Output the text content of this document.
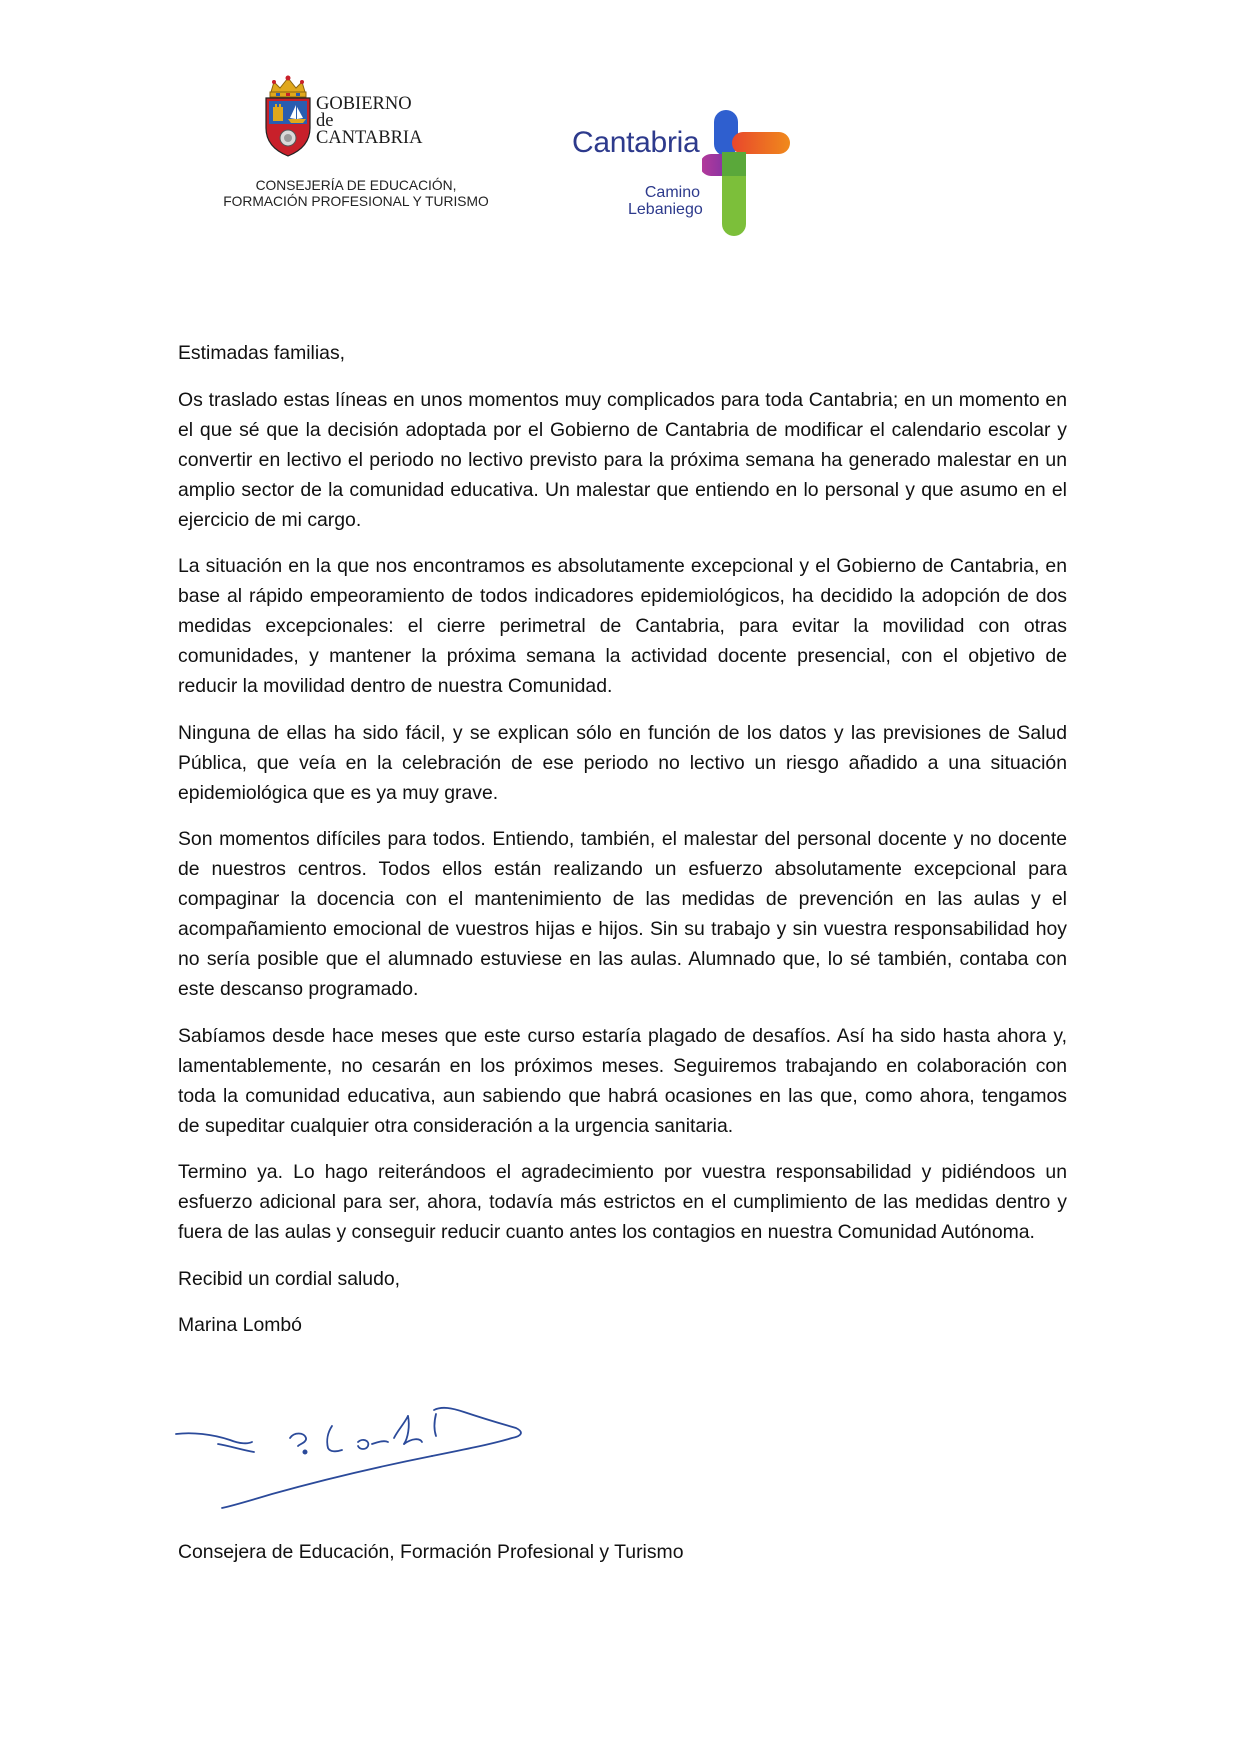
GOBIERNO
de
CANTABRIA
CONSEJERÍA DE EDUCACIÓN,
FORMACIÓN PROFESIONAL Y TURISMO
Cantabria
Camino
Lebaniego

Estimadas familias,

Os traslado estas líneas en unos momentos muy complicados para toda Cantabria; en un momento en el que sé que la decisión adoptada por el Gobierno de Cantabria de modificar el calendario escolar y convertir en lectivo el periodo no lectivo previsto para la próxima semana ha generado malestar en un amplio sector de la comunidad educativa. Un malestar que entiendo en lo personal y que asumo en el ejercicio de mi cargo.

La situación en la que nos encontramos es absolutamente excepcional y el Gobierno de Cantabria, en base al rápido empeoramiento de todos indicadores epidemiológicos, ha decidido la adopción de dos medidas excepcionales: el cierre perimetral de Cantabria, para evitar la movilidad con otras comunidades, y mantener la próxima semana la actividad docente presencial, con el objetivo de reducir la movilidad dentro de nuestra Comunidad.

Ninguna de ellas ha sido fácil, y se explican sólo en función de los datos y las previsiones de Salud Pública, que veía en la celebración de ese periodo no lectivo un riesgo añadido a una situación epidemiológica que es ya muy grave.

Son momentos difíciles para todos. Entiendo, también, el malestar del personal docente y no docente de nuestros centros. Todos ellos están realizando un esfuerzo absolutamente excepcional para compaginar la docencia con el mantenimiento de las medidas de prevención en las aulas y el acompañamiento emocional de vuestros hijas e hijos. Sin su trabajo y sin vuestra responsabilidad hoy no sería posible que el alumnado estuviese en las aulas. Alumnado que, lo sé también, contaba con este descanso programado.

Sabíamos desde hace meses que este curso estaría plagado de desafíos. Así ha sido hasta ahora y, lamentablemente, no cesarán en los próximos meses. Seguiremos trabajando en colaboración con toda la comunidad educativa, aun sabiendo que habrá ocasiones en las que, como ahora, tengamos de supeditar cualquier otra consideración a la urgencia sanitaria.

Termino ya. Lo hago reiterándoos el agradecimiento por vuestra responsabilidad y pidiéndoos un esfuerzo adicional para ser, ahora, todavía más estrictos en el cumplimiento de las medidas dentro y fuera de las aulas y conseguir reducir cuanto antes los contagios en nuestra Comunidad Autónoma.

Recibid un cordial saludo,

Marina Lombó

Consejera de Educación, Formación Profesional y Turismo
